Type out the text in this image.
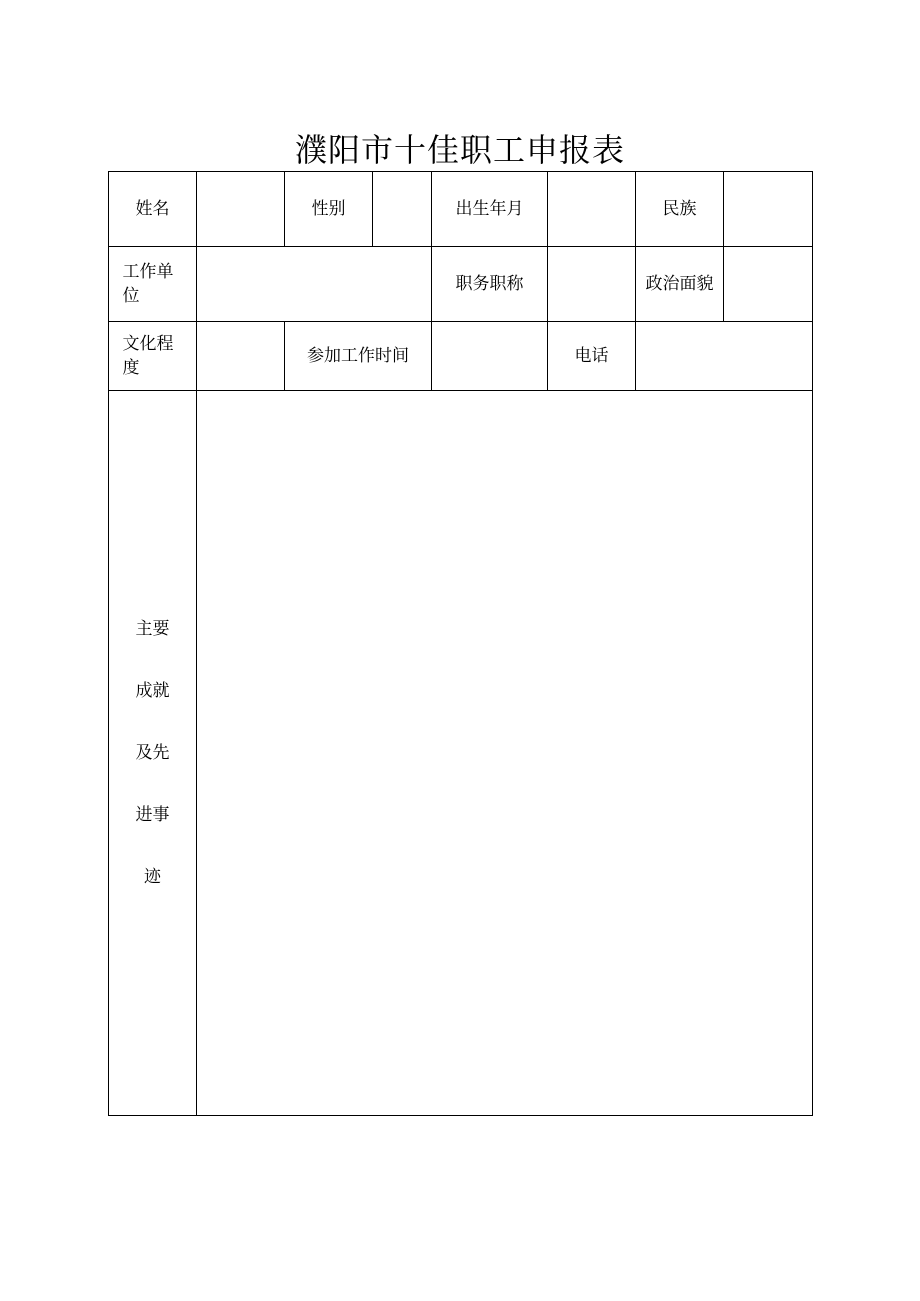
濮阳市十佳职工申报表
姓名		性别		出生年月		民族	
工作单位				职务职称		政治面貌	
文化程度		参加工作时间			电话		

主要
成就
及先
进事
迹							
